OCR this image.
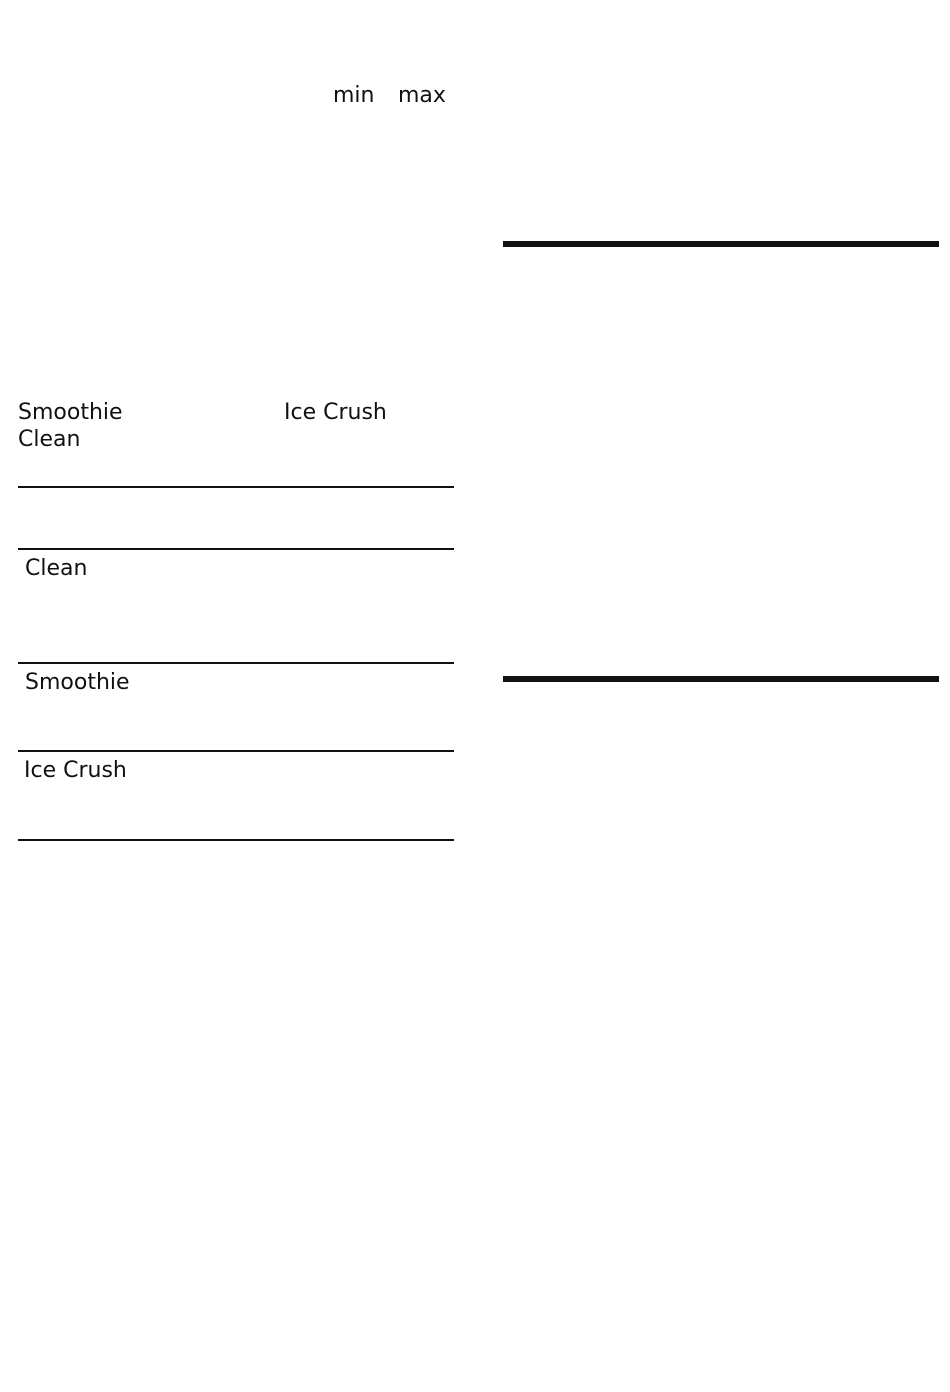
min max
Smoothie	Ice Crush
Clean
Clean
Smoothie
Ice Crush
